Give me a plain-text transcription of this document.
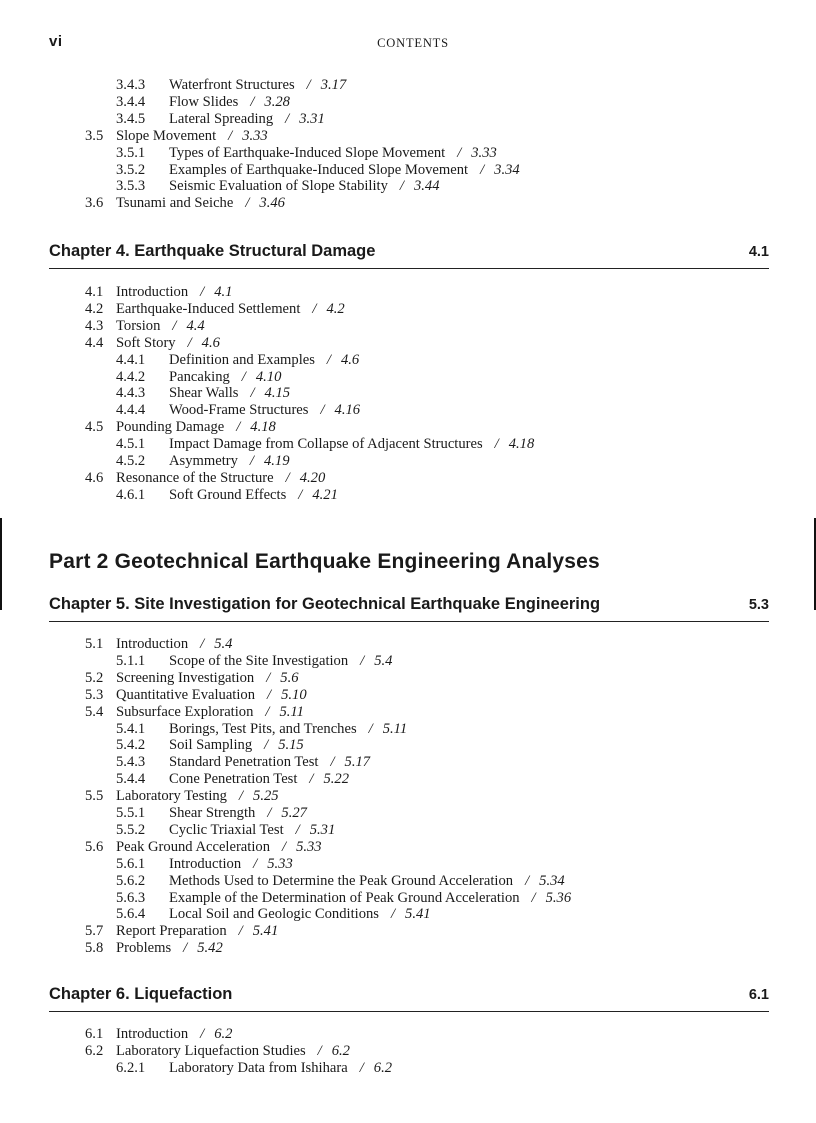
vi	CONTENTS
Chapter 4. Earthquake Structural Damage	4.1
Part 2 Geotechnical Earthquake Engineering Analyses
Chapter 5. Site Investigation for Geotechnical Earthquake Engineering	5.3
Chapter 6. Liquefaction	6.1
3.4.3 Waterfront Structures / 3.17
3.4.4 Flow Slides / 3.28
3.4.5 Lateral Spreading / 3.31
3.5 Slope Movement / 3.33
3.5.1 Types of Earthquake-Induced Slope Movement / 3.33
3.5.2 Examples of Earthquake-Induced Slope Movement / 3.34
3.5.3 Seismic Evaluation of Slope Stability / 3.44
3.6 Tsunami and Seiche / 3.46
4.1 Introduction / 4.1
4.2 Earthquake-Induced Settlement / 4.2
4.3 Torsion / 4.4
4.4 Soft Story / 4.6
4.4.1 Definition and Examples / 4.6
4.4.2 Pancaking / 4.10
4.4.3 Shear Walls / 4.15
4.4.4 Wood-Frame Structures / 4.16
4.5 Pounding Damage / 4.18
4.5.1 Impact Damage from Collapse of Adjacent Structures / 4.18
4.5.2 Asymmetry / 4.19
4.6 Resonance of the Structure / 4.20
4.6.1 Soft Ground Effects / 4.21
5.1 Introduction / 5.4
5.1.1 Scope of the Site Investigation / 5.4
5.2 Screening Investigation / 5.6
5.3 Quantitative Evaluation / 5.10
5.4 Subsurface Exploration / 5.11
5.4.1 Borings, Test Pits, and Trenches / 5.11
5.4.2 Soil Sampling / 5.15
5.4.3 Standard Penetration Test / 5.17
5.4.4 Cone Penetration Test / 5.22
5.5 Laboratory Testing / 5.25
5.5.1 Shear Strength / 5.27
5.5.2 Cyclic Triaxial Test / 5.31
5.6 Peak Ground Acceleration / 5.33
5.6.1 Introduction / 5.33
5.6.2 Methods Used to Determine the Peak Ground Acceleration / 5.34
5.6.3 Example of the Determination of Peak Ground Acceleration / 5.36
5.6.4 Local Soil and Geologic Conditions / 5.41
5.7 Report Preparation / 5.41
5.8 Problems / 5.42
6.1 Introduction / 6.2
6.2 Laboratory Liquefaction Studies / 6.2
6.2.1 Laboratory Data from Ishihara / 6.2
